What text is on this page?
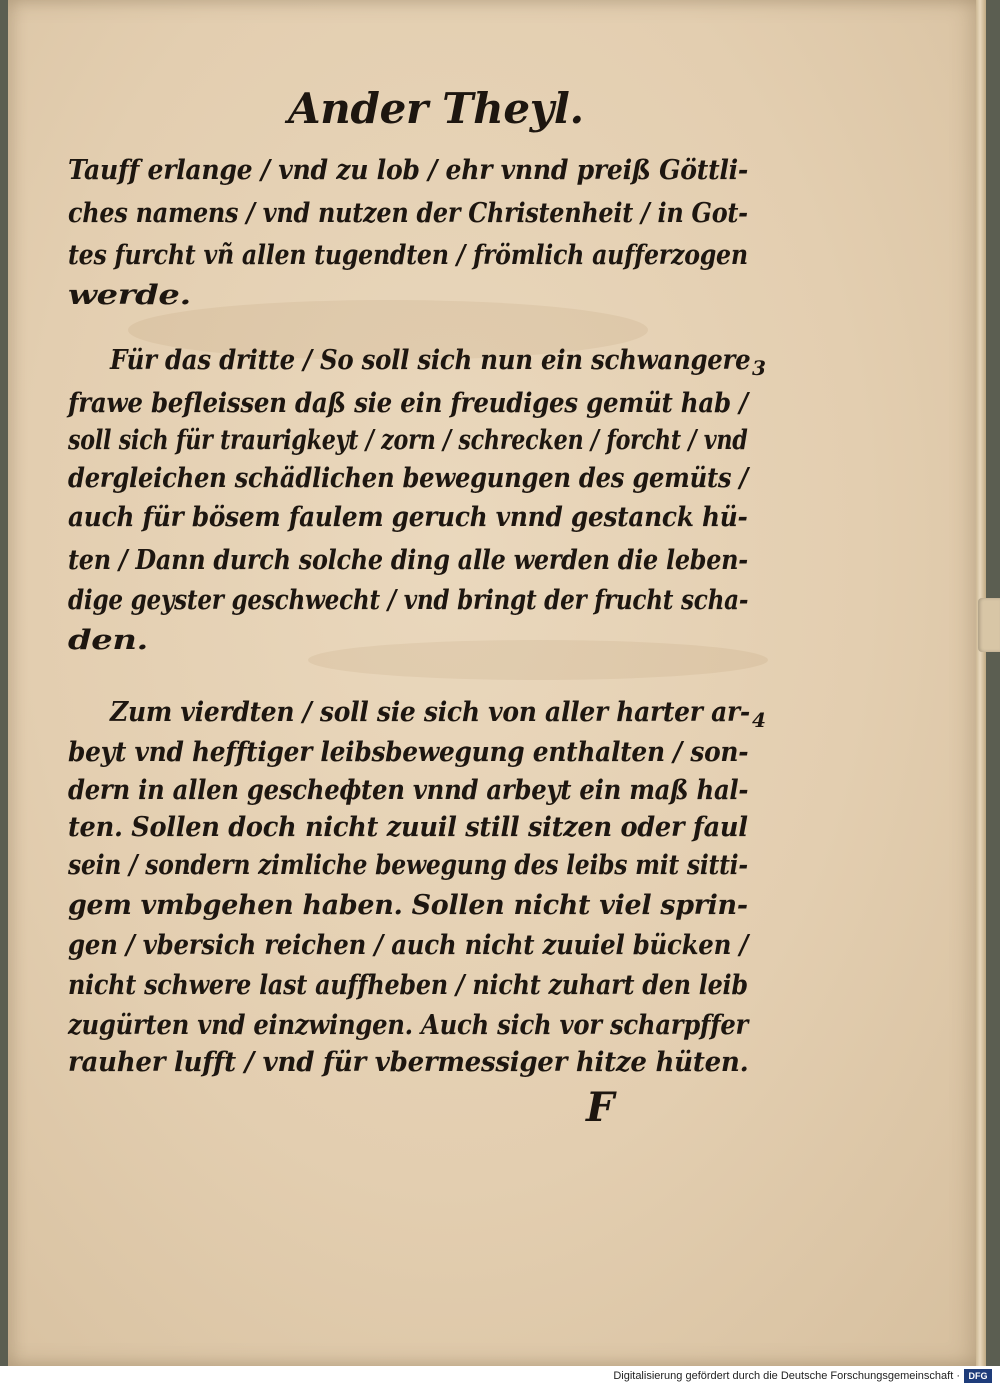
Ander Theyl.
Tauff erlange / vnd zu lob / ehr vnnd preiß Göttli-
ches namens / vnd nutzen der Christenheit / in Got-
tes furcht vñ allen tugendten / frömlich aufferzogen
werde.
3
Für das dritte / So soll sich nun ein schwangere
frawe beflеissen daß sie ein freudiges gemüt hab /
soll sich für traurigkeyt / zorn / schrecken / forcht / vnd
dergleichen schädlichen bewegungen des gemüts /
auch für bösem faulem geruch vnnd gestanck hü-
ten / Dann durch solche ding alle werden die leben-
dige geyster geschwecht / vnd bringt der frucht scha-
den.
4
Zum vierdten / soll sie sich von aller harter ar-
beyt vnd hefftiger leibsbewegung enthalten / son-
dern in allen gescheфten vnnd arbeyt ein maß hal-
ten. Sollen doch nicht zuuil still sitzen oder faul
sein / sondern zimliche bewegung des leibs mit sitti-
gem vmbgehen haben. Sollen nicht viel sprin-
gen / vbersich reichen / auch nicht zuuiel bücken /
nicht schwere last auffheben / nicht zuhart den leib
zugürten vnd einzwingen. Auch sich vor scharpffer
rauher lufft / vnd für vbermessiger hitze hüten.
F
Digitalisierung gefördert durch die Deutsche Forschungsgemeinschaft · DFG
